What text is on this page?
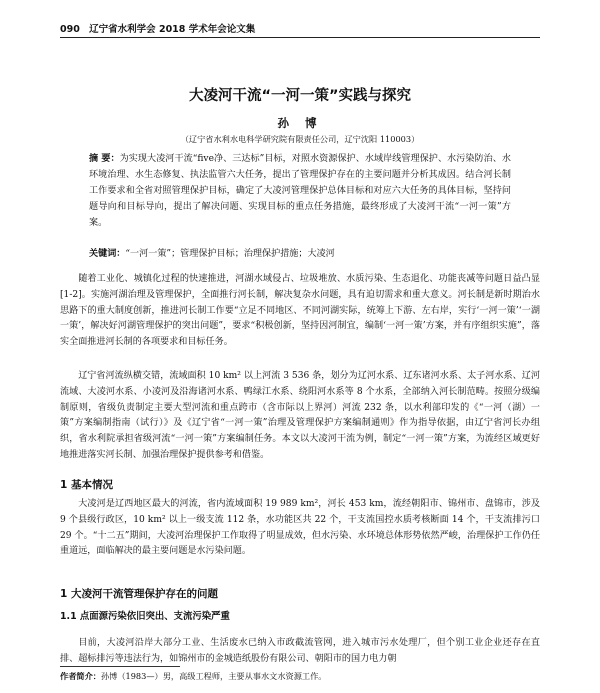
090 辽宁省水利学会 2018 学术年会论文集
大凌河干流“一河一策”实践与探究
孙 博
（辽宁省水利水电科学研究院有限责任公司，辽宁沈阳 110003）
摘 要：为实现大凌河干流“five净、三达标”目标，对照水资源保护、水域岸线管理保护、水污染防治、水环境治理、水生态修复、执法监管六大任务，提出了管理保护存在的主要问题并分析其成因。结合河长制工作要求和全省对照管理保护目标，确定了大凌河管理保护总体目标和对应六大任务的具体目标，坚持问题导向和目标导向，提出了解决问题、实现目标的重点任务措施，最终形成了大凌河干流“一河一策”方案。
关键词：“一河一策”；管理保护目标；治理保护措施；大凌河

随着工业化、城镇化过程的快速推进，河湖水域侵占、垃圾堆放、水质污染、生态退化、功能丧减等问题日益凸显[1-2]。实施河湖治理及管理保护，全面推行河长制，解决复杂水问题，具有迫切需求和重大意义。河长制是新时期治水思路下的重大制度创新，推进河长制工作要“立足不同地区、不同河湖实际，统筹上下游、左右岸，实行‘一河一策’‘一湖一策’，解决好河湖管理保护的突出问题”，要求“积极创新，坚持因河制宜，编制‘一河一策’方案，并有序组织实施”，落实全面推进河长制的各项要求和目标任务。

辽宁省河流纵横交错，流域面积 10 km² 以上河流 3 536 条，划分为辽河水系、辽东诸河水系、太子河水系、辽河流域、大凌河水系、小凌河及沿海诸河水系、鸭绿江水系、绕阳河水系等 8 个水系，全部纳入河长制范畴。按照分级编制原则，省级负责制定主要大型河流和重点跨市（含市际以上界河）河流 232 条，以水利部印发的《“一河（湖）一策”方案编制指南（试行）》及《辽宁省“一河一策”治理及管理保护方案编制通则》作为指导依据，由辽宁省河长办组织，省水利院承担省级河流“一河一策”方案编制任务。本文以大凌河干流为例，制定“一河一策”方案，为流经区域更好地推进落实河长制、加强治理保护提供参考和借鉴。

1 基本情况

大凌河是辽西地区最大的河流，省内流域面积 19 989 km²，河长 453 km，流经朝阳市、锦州市、盘锦市，涉及 9 个县级行政区，10 km² 以上一级支流 112 条，水功能区共 22 个，干支流国控水质考核断面 14 个，干支流排污口 29 个。“十二五”期间，大凌河治理保护工作取得了明显成效，但水污染、水环境总体形势依然严峻，治理保护工作仍任重道远，面临解决的最主要问题是水污染问题。

1 大凌河干流管理保护存在的问题
1.1 点面源污染依旧突出、支流污染严重

目前，大凌河沿岸大部分工业、生活废水已纳入市政截流管网，进入城市污水处理厂，但个别工业企业还存在直排、超标排污等违法行为，如锦州市的金城造纸股份有限公司、朝阳市的国力电力朝

作者简介：孙博（1983—）男，高级工程师，主要从事水文水资源工作。
